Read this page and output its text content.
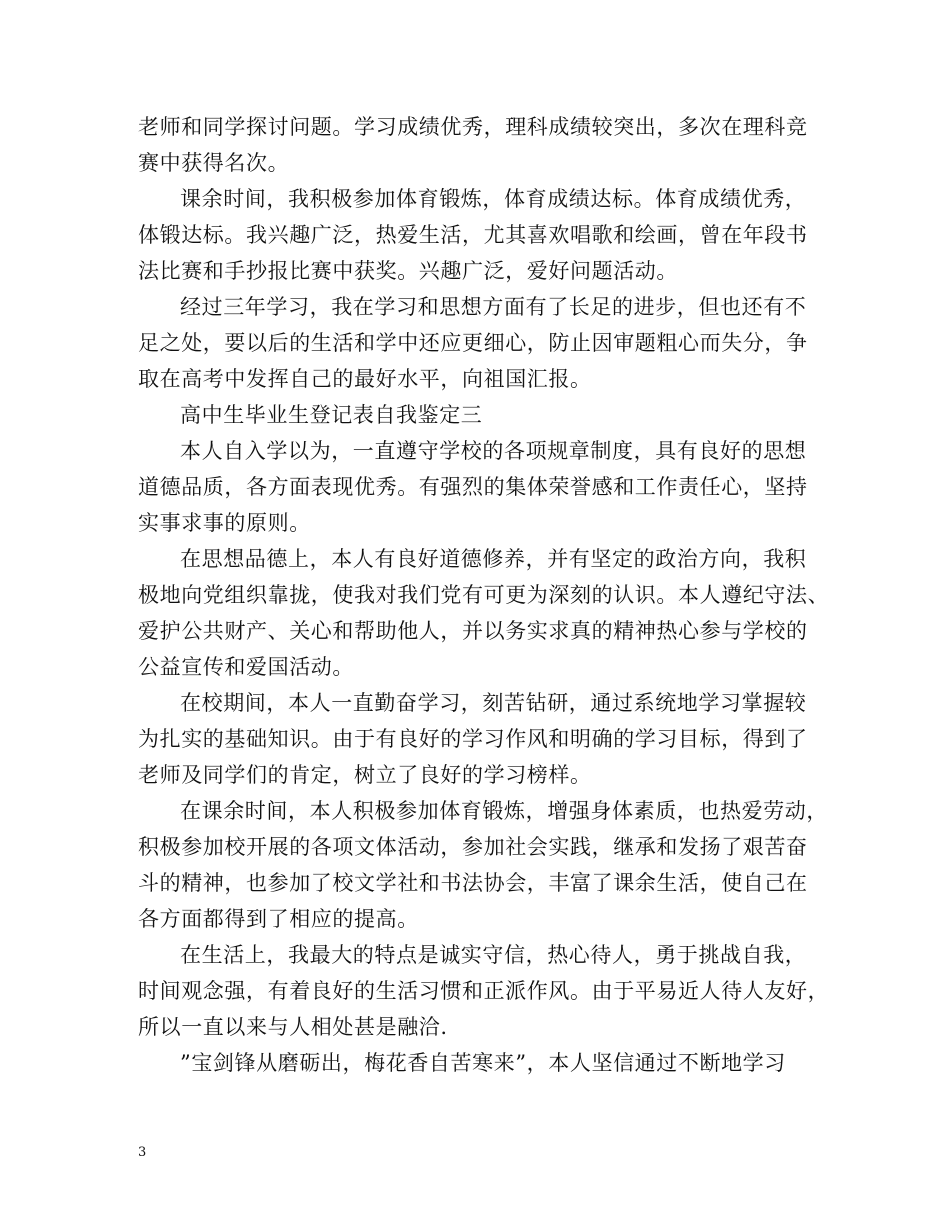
老师和同学探讨问题。学习成绩优秀，理科成绩较突出，多次在理科竞
赛中获得名次。
课余时间，我积极参加体育锻炼，体育成绩达标。体育成绩优秀，
体锻达标。我兴趣广泛，热爱生活，尤其喜欢唱歌和绘画，曾在年段书
法比赛和手抄报比赛中获奖。兴趣广泛，爱好问题活动。
经过三年学习，我在学习和思想方面有了长足的进步，但也还有不
足之处，要以后的生活和学中还应更细心，防止因审题粗心而失分，争
取在高考中发挥自己的最好水平，向祖国汇报。
高中生毕业生登记表自我鉴定三
本人自入学以为，一直遵守学校的各项规章制度，具有良好的思想
道德品质，各方面表现优秀。有强烈的集体荣誉感和工作责任心，坚持
实事求事的原则。
在思想品德上，本人有良好道德修养，并有坚定的政治方向，我积
极地向党组织靠拢，使我对我们党有可更为深刻的认识。本人遵纪守法、
爱护公共财产、关心和帮助他人，并以务实求真的精神热心参与学校的
公益宣传和爱国活动。
在校期间，本人一直勤奋学习，刻苦钻研，通过系统地学习掌握较
为扎实的基础知识。由于有良好的学习作风和明确的学习目标，得到了
老师及同学们的肯定，树立了良好的学习榜样。
在课余时间，本人积极参加体育锻炼，增强身体素质，也热爱劳动，
积极参加校开展的各项文体活动，参加社会实践，继承和发扬了艰苦奋
斗的精神，也参加了校文学社和书法协会，丰富了课余生活，使自己在
各方面都得到了相应的提高。
在生活上，我最大的特点是诚实守信，热心待人，勇于挑战自我，
时间观念强，有着良好的生活习惯和正派作风。由于平易近人待人友好，
所以一直以来与人相处甚是融洽.
”宝剑锋从磨砺出，梅花香自苦寒来”，本人坚信通过不断地学习
3
